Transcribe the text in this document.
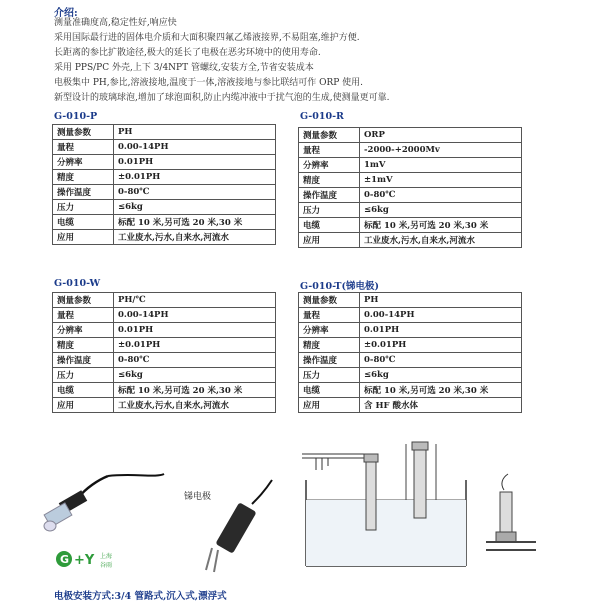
介绍:
测量准确度高,稳定性好,响应快
采用国际最行进的固体电介质和大面积聚四氟乙烯液接界,不易阻塞,维护方便.
长距离的参比扩散途径,极大的延长了电极在恶劣环境中的使用寿命.
采用 PPS/PC 外壳,上下 3/4NPT 管螺纹,安装方全,节省安装成本
电极集中 PH,参比,溶液接地,温度于一体,溶液接地与参比联结可作 ORP 使用.
新型设计的玻璃球泡,增加了球泡面积,防止内缆冲液中于扰气泡的生成,使测量更可靠.
G-010-P
测量参数	PH
量程	0.00-14PH
分辨率	0.01PH
精度	±0.01PH
操作温度	0-80℃
压力	≤6kg
电缆	标配 10 米,另可选 20 米,30 米
应用	工业废水,污水,自来水,河流水
G-010-R
测量参数	ORP
量程	-2000-+2000Mv
分辨率	1mV
精度	±1mV
操作温度	0-80℃
压力	≤6kg
电缆	标配 10 米,另可选 20 米,30 米
应用	工业废水,污水,自来水,河流水
G-010-W
测量参数	PH/℃
量程	0.00-14PH
分辨率	0.01PH
精度	±0.01PH
操作温度	0-80℃
压力	≤6kg
电缆	标配 10 米,另可选 20 米,30 米
应用	工业废水,污水,自来水,河流水
G-010-T(锑电极)
测量参数	PH
量程	0.00-14PH
分辨率	0.01PH
精度	±0.01PH
操作温度	0-80℃
压力	≤6kg
电缆	标配 10 米,另可选 20 米,30 米
应用	含 HF 酸水体
锑电极
G +Y 上海
谷雨
电极安装方式:3/4 管路式,沉入式,漂浮式
